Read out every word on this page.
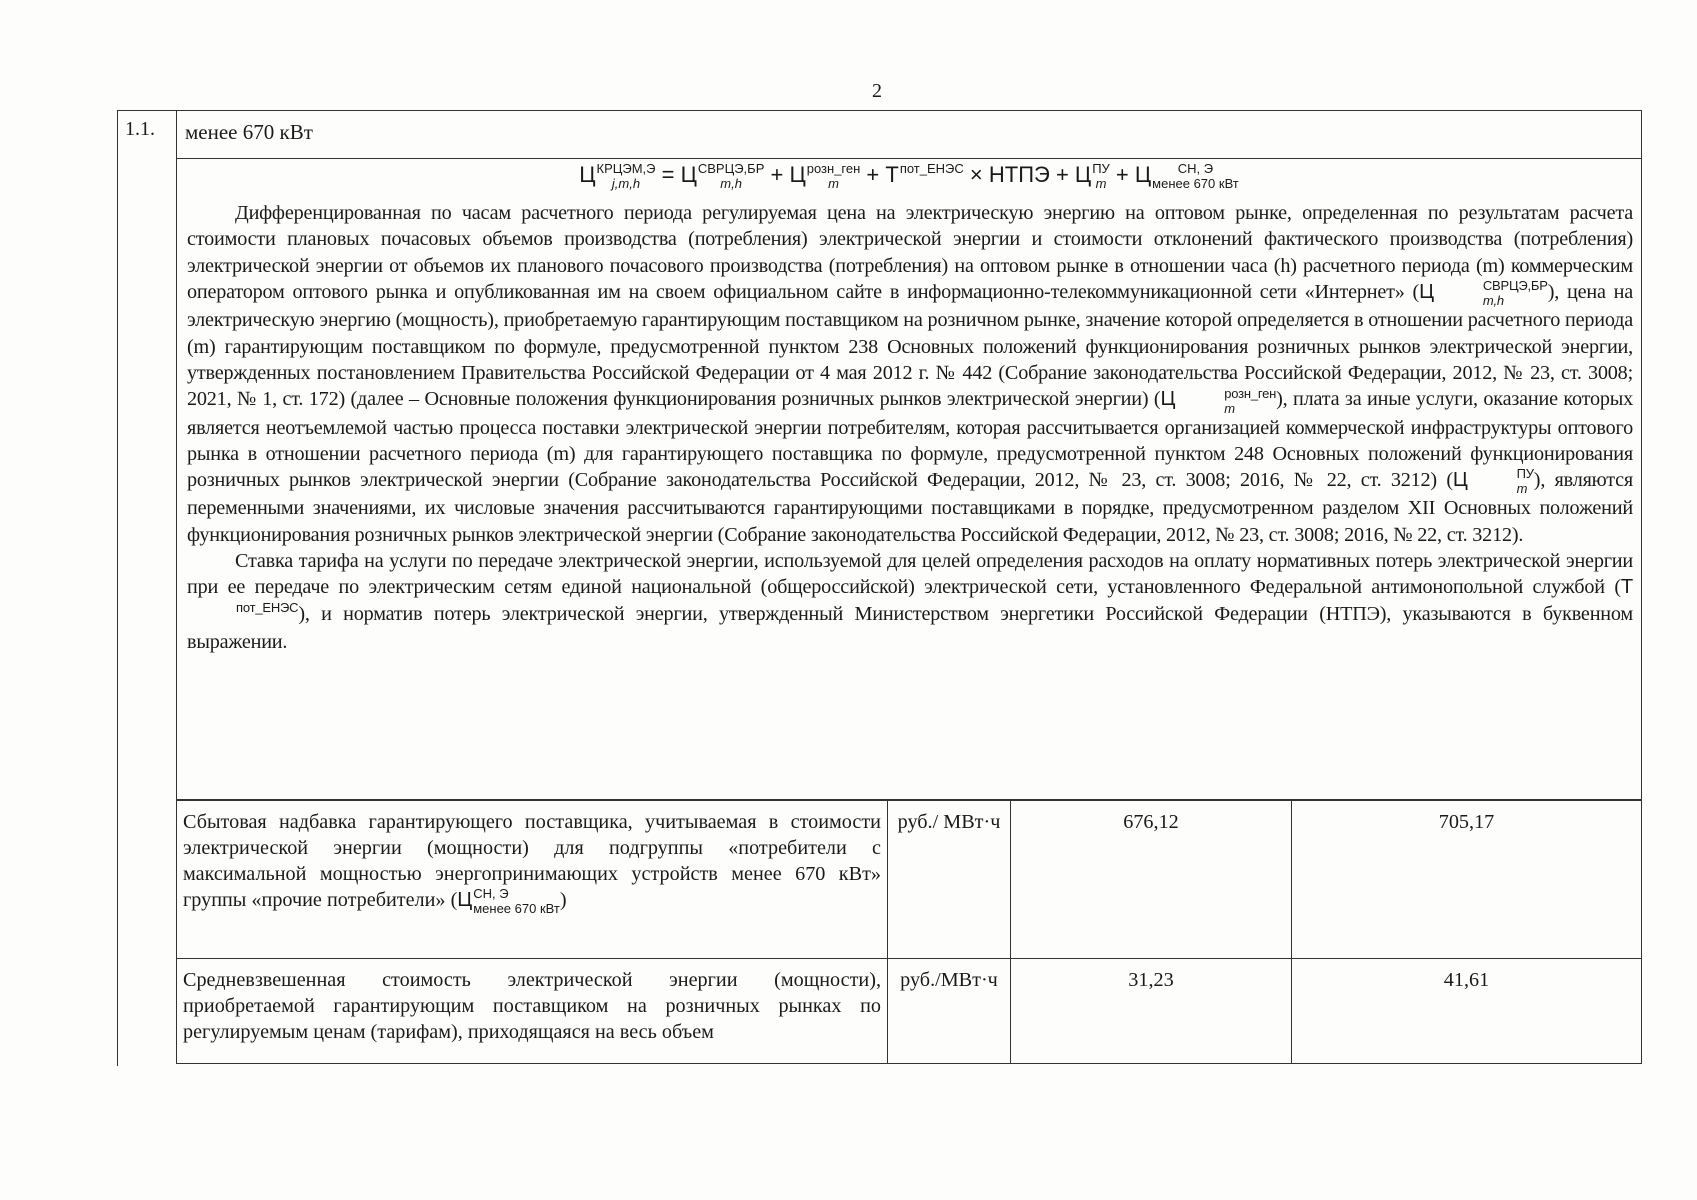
2
1.1. менее 670 кВт
Ц КРЦЭМ,Э
j,m,h = Ц СВРЦЭ,БР
m,h	+ Ц розн_ген
m + Т пот_ЕНЭС
× НТПЭ + Ц ПУ
m + Ц	СН, Э
менее 670 кВт

Дифференцированная по часам расчетного периода регулируемая цена на электрическую энергию на оптовом рынке, определенная по результатам расчета стоимости плановых почасовых объемов производства (потребления) электрической энергии и стоимости отклонений фактического производства (потребления) электрической энергии от объемов их планового почасового производства (потребления) на оптовом рынке в отношении часа (h) расчетного периода (m) коммерческим оператором оптового рынка и опубликованная им на своем официальном сайте в информационно-телекоммуникационной сети «Интернет» (Ц	СВРЦЭ,БР
m,h	), цена на электрическую энергию (мощность), приобретаемую гарантирующим поставщиком на розничном рынке, значение которой определяется в отношении расчетного периода (m) гарантирующим поставщиком по формуле, предусмотренной пунктом 238 Основных положений функционирования розничных рынков электрической энергии, утвержденных постановлением Правительства Российской Федерации от 4 мая 2012 г. № 442 (Собрание законодательства Российской Федерации, 2012, № 23, ст. 3008; 2021, № 1, ст. 172) (далее – Основные положения функционирования розничных рынков электрической энергии) (Ц	розн_ген
m	), плата за иные услуги, оказание которых является неотъемлемой частью процесса поставки электрической энергии потребителям, которая рассчитывается организацией коммерческой инфраструктуры оптового рынка в отношении расчетного периода (m) для гарантирующего поставщика по формуле, предусмотренной пунктом 248 Основных положений функционирования розничных рынков электрической энергии (Собрание законодательства Российской Федерации, 2012, № 23, ст. 3008; 2016, № 22, ст. 3212) (Ц	ПУ
m ), являются переменными значениями, их числовые значения рассчитываются гарантирующими поставщиками в порядке, предусмотренном разделом XII Основных положений функционирования розничных рынков электрической энергии (Собрание законодательства Российской Федерации, 2012, № 23, ст. 3008; 2016, № 22, ст. 3212).

Ставка тарифа на услуги по передаче электрической энергии, используемой для целей определения расходов на оплату нормативных потерь электрической энергии при ее передаче по электрическим сетям единой национальной (общероссийской) электрической сети, установленного Федеральной антимонопольной службой (Т
пот_ЕНЭС
), и норматив потерь электрической энергии, утвержденный Министерством энергетики Российской Федерации (НТПЭ), указываются в буквенном выражении.

Сбытовая надбавка гарантирующего поставщика, учитываемая в стоимости электрической энергии (мощности) для подгруппы «потребители с максимальной мощностью энергопринимающих устройств менее 670 кВт» группы «прочие потребители» (Ц СН, Э
менее 670 кВт )	руб./ МВт·ч	676,12	705,17
Средневзвешенная стоимость электрической энергии (мощности), приобретаемой гарантирующим поставщиком на розничных рынках по регулируемым ценам (тарифам), приходящаяся на весь объем	руб./МВт·ч	31,23	41,61
